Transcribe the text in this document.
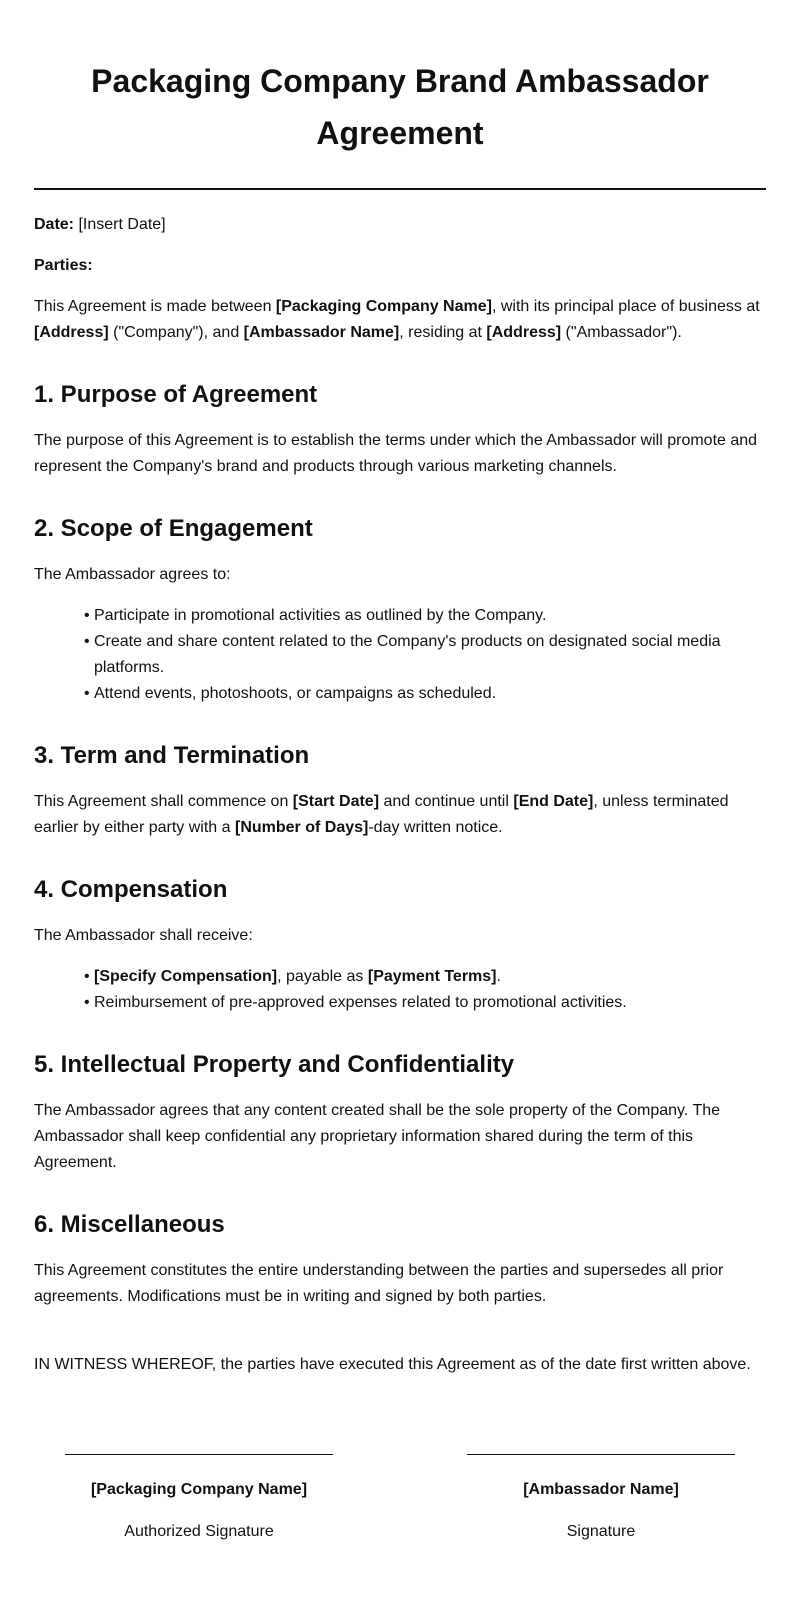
Packaging Company Brand Ambassador Agreement

Date: [Insert Date]

Parties:

This Agreement is made between [Packaging Company Name], with its principal place of business at [Address] ("Company"), and [Ambassador Name], residing at [Address] ("Ambassador").

1. Purpose of Agreement

The purpose of this Agreement is to establish the terms under which the Ambassador will promote and represent the Company's brand and products through various marketing channels.

2. Scope of Engagement

The Ambassador agrees to:

• Participate in promotional activities as outlined by the Company.
• Create and share content related to the Company's products on designated social media platforms.
• Attend events, photoshoots, or campaigns as scheduled.
3. Term and Termination

This Agreement shall commence on [Start Date] and continue until [End Date], unless terminated earlier by either party with a [Number of Days]-day written notice.

4. Compensation

The Ambassador shall receive:

• [Specify Compensation], payable as [Payment Terms].
• Reimbursement of pre-approved expenses related to promotional activities.
5. Intellectual Property and Confidentiality

The Ambassador agrees that any content created shall be the sole property of the Company. The Ambassador shall keep confidential any proprietary information shared during the term of this Agreement.

6. Miscellaneous

This Agreement constitutes the entire understanding between the parties and supersedes all prior agreements. Modifications must be in writing and signed by both parties.

IN WITNESS WHEREOF, the parties have executed this Agreement as of the date first written above.

[Packaging Company Name]
Authorized Signature
[Ambassador Name]
Signature
